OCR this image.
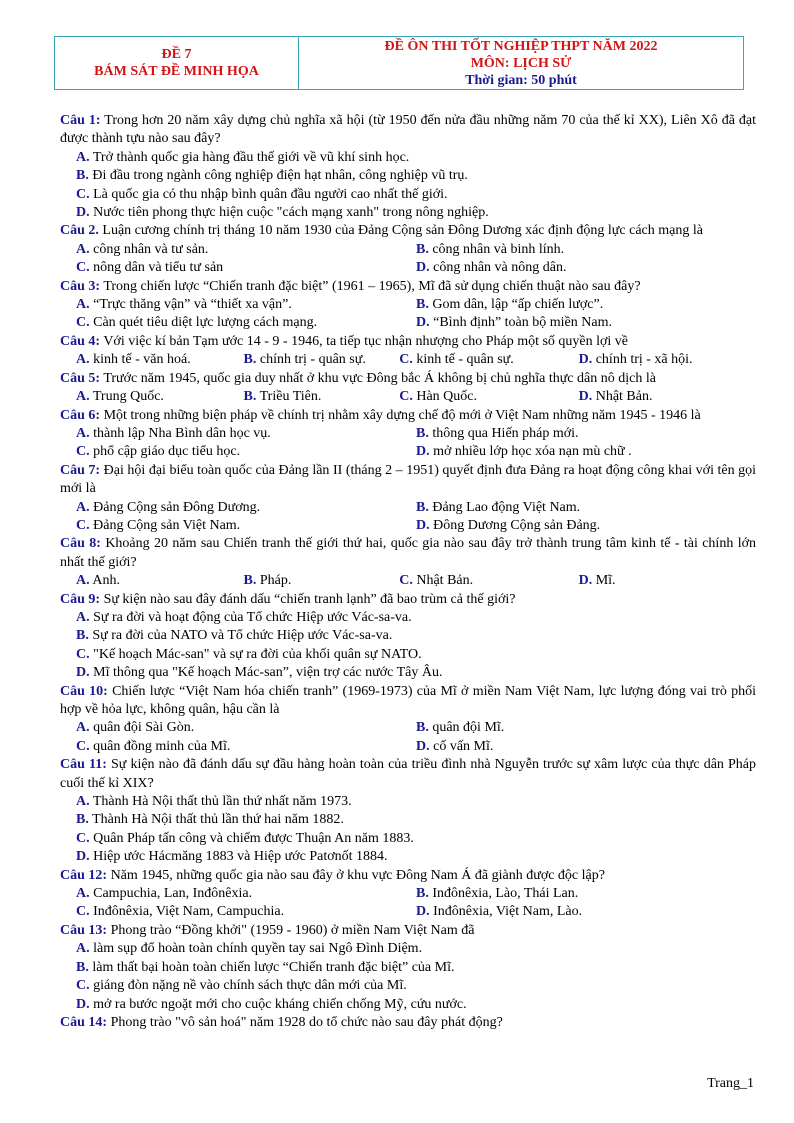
ĐỀ 7
BÁM SÁT ĐỀ MINH HỌA
ĐỀ ÔN THI TỐT NGHIỆP THPT NĂM 2022
MÔN: LỊCH SỬ
Thời gian: 50 phút
Câu 1: Trong hơn 20 năm xây dựng chủ nghĩa xã hội (từ 1950 đến nửa đầu những năm 70 của thế kỉ XX), Liên Xô đã đạt được thành tựu nào sau đây?
A. Trở thành quốc gia hàng đầu thế giới về vũ khí sinh học.
B. Đi đầu trong ngành công nghiệp điện hạt nhân, công nghiệp vũ trụ.
C. Là quốc gia có thu nhập bình quân đầu người cao nhất thế giới.
D. Nước tiên phong thực hiện cuộc "cách mạng xanh" trong nông nghiệp.
Câu 2. Luận cương chính trị tháng 10 năm 1930 của Đảng Cộng sản Đông Dương xác định động lực cách mạng là
A. công nhân và tư sản.	B. công nhân và binh lính.
C. nông dân và tiểu tư sản	D. công nhân và nông dân.
Câu 3: Trong chiến lược “Chiến tranh đặc biệt” (1961 – 1965), Mĩ đã sử dụng chiến thuật nào sau đây?
A. “Trực thăng vận” và “thiết xa vận”.	B. Gom dân, lập “ấp chiến lược”.
C. Càn quét tiêu diệt lực lượng cách mạng.	D. “Bình định” toàn bộ miền Nam.
Câu 4: Với việc kí bản Tạm ước 14 - 9 - 1946, ta tiếp tục nhận nhượng cho Pháp một số quyền lợi về
A. kinh tế - văn hoá.	B. chính trị - quân sự.	C. kinh tế - quân sự.	D. chính trị - xã hội.
Câu 5: Trước năm 1945, quốc gia duy nhất ở khu vực Đông bắc Á không bị chủ nghĩa thực dân nô dịch là
A. Trung Quốc.	B. Triều Tiên.	C. Hàn Quốc.	D. Nhật Bản.
Câu 6: Một trong những biện pháp về chính trị nhằm xây dựng chế độ mới ở Việt Nam những năm 1945 - 1946 là
A. thành lập Nha Bình dân học vụ.	B. thông qua Hiến pháp mới.
C. phổ cập giáo dục tiểu học.	D. mở nhiều lớp học xóa nạn mù chữ .
Câu 7: Đại hội đại biểu toàn quốc của Đảng lần II (tháng 2 – 1951) quyết định đưa Đảng ra hoạt động công khai với tên gọi mới là
A. Đảng Cộng sản Đông Dương.	B. Đảng Lao động Việt Nam.
C. Đảng Cộng sản Việt Nam.	D. Đông Dương Cộng sản Đảng.
Câu 8: Khoảng 20 năm sau Chiến tranh thế giới thứ hai, quốc gia nào sau đây trở thành trung tâm kinh tế - tài chính lớn nhất thế giới?
A. Anh.	B. Pháp.	C. Nhật Bản.	D. Mĩ.
Câu 9: Sự kiện nào sau đây đánh dấu “chiến tranh lạnh” đã bao trùm cả thế giới?
A. Sự ra đời và hoạt động của Tổ chức Hiệp ước Vác-sa-va.
B. Sự ra đời của NATO và Tổ chức Hiệp ước Vác-sa-va.
C. "Kế hoạch Mác-san" và sự ra đời của khối quân sự NATO.
D. Mĩ thông qua "Kế hoạch Mác-san”, viện trợ các nước Tây Âu.
Câu 10: Chiến lược “Việt Nam hóa chiến tranh” (1969-1973) của Mĩ ở miền Nam Việt Nam, lực lượng đóng vai trò phối hợp về hỏa lực, không quân, hậu cần là
A. quân đội Sài Gòn.	B. quân đội Mĩ.
C. quân đồng minh của Mĩ.	D. cố vấn Mĩ.
Câu 11: Sự kiện nào đã đánh dấu sự đầu hàng hoàn toàn của triều đình nhà Nguyễn trước sự xâm lược của thực dân Pháp cuối thế kỉ XIX?
A. Thành Hà Nội thất thủ lần thứ nhất năm 1973.
B. Thành Hà Nội thất thủ lần thứ hai năm 1882.
C. Quân Pháp tấn công và chiếm được Thuận An năm 1883.
D. Hiệp ước Hácmăng 1883 và Hiệp ước Patơnốt 1884.
Câu 12: Năm 1945, những quốc gia nào sau đây ở khu vực Đông Nam Á đã giành được độc lập?
A. Campuchia, Lan, Inđônêxia.	B. Inđônêxia, Lào, Thái Lan.
C. Inđônêxia, Việt Nam, Campuchia.	D. Inđônêxia, Việt Nam, Lào.
Câu 13: Phong trào “Đồng khởi" (1959 - 1960) ở miền Nam Việt Nam đã
A. làm sụp đổ hoàn toàn chính quyền tay sai Ngô Đình Diệm.
B. làm thất bại hoàn toàn chiến lược “Chiến tranh đặc biệt” của Mĩ.
C. giáng đòn nặng nề vào chính sách thực dân mới của Mĩ.
D. mở ra bước ngoặt mới cho cuộc kháng chiến chống Mỹ, cứu nước.
Câu 14: Phong trào "vô sản hoá" năm 1928 do tổ chức nào sau đây phát động?
Trang_1
